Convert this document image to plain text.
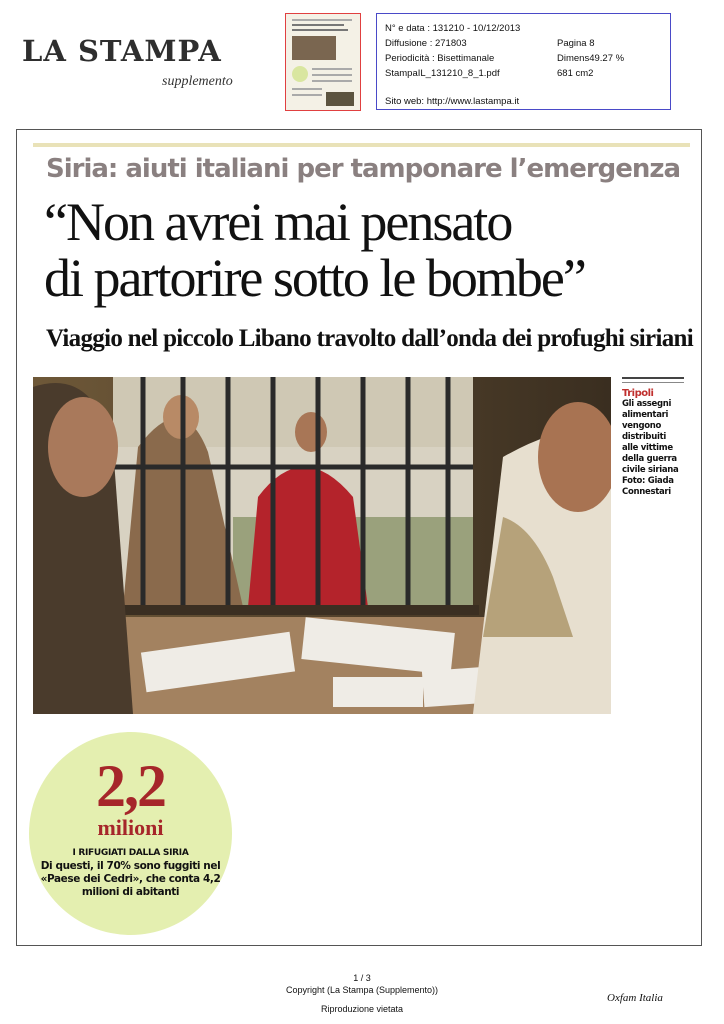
LA STAMPA
supplemento
N° e data : 131210 - 10/12/2013
Diffusione : 271803
Periodicità : Bisettimanale
StampaIL_131210_8_1.pdf
Pagina 8
Dimens49.27 %
681 cm2
Sito web: http://www.lastampa.it
Siria: aiuti italiani per tamponare l’emergenza
“Non avrei mai pensato
di partorire sotto le bombe”
Viaggio nel piccolo Libano travolto dall’onda dei profughi siriani
Tripoli
Gli assegni alimentari vengono distribuiti alle vittime della guerra civile siriana Foto: Giada Connestari
2,2
milioni
I RIFUGIATI DALLA SIRIA
Di questi, il 70% sono fuggiti nel «Paese dei Cedri», che conta 4,2 milioni di abitanti
1 / 3
Copyright (La Stampa (Supplemento))
Riproduzione vietata
Oxfam Italia
